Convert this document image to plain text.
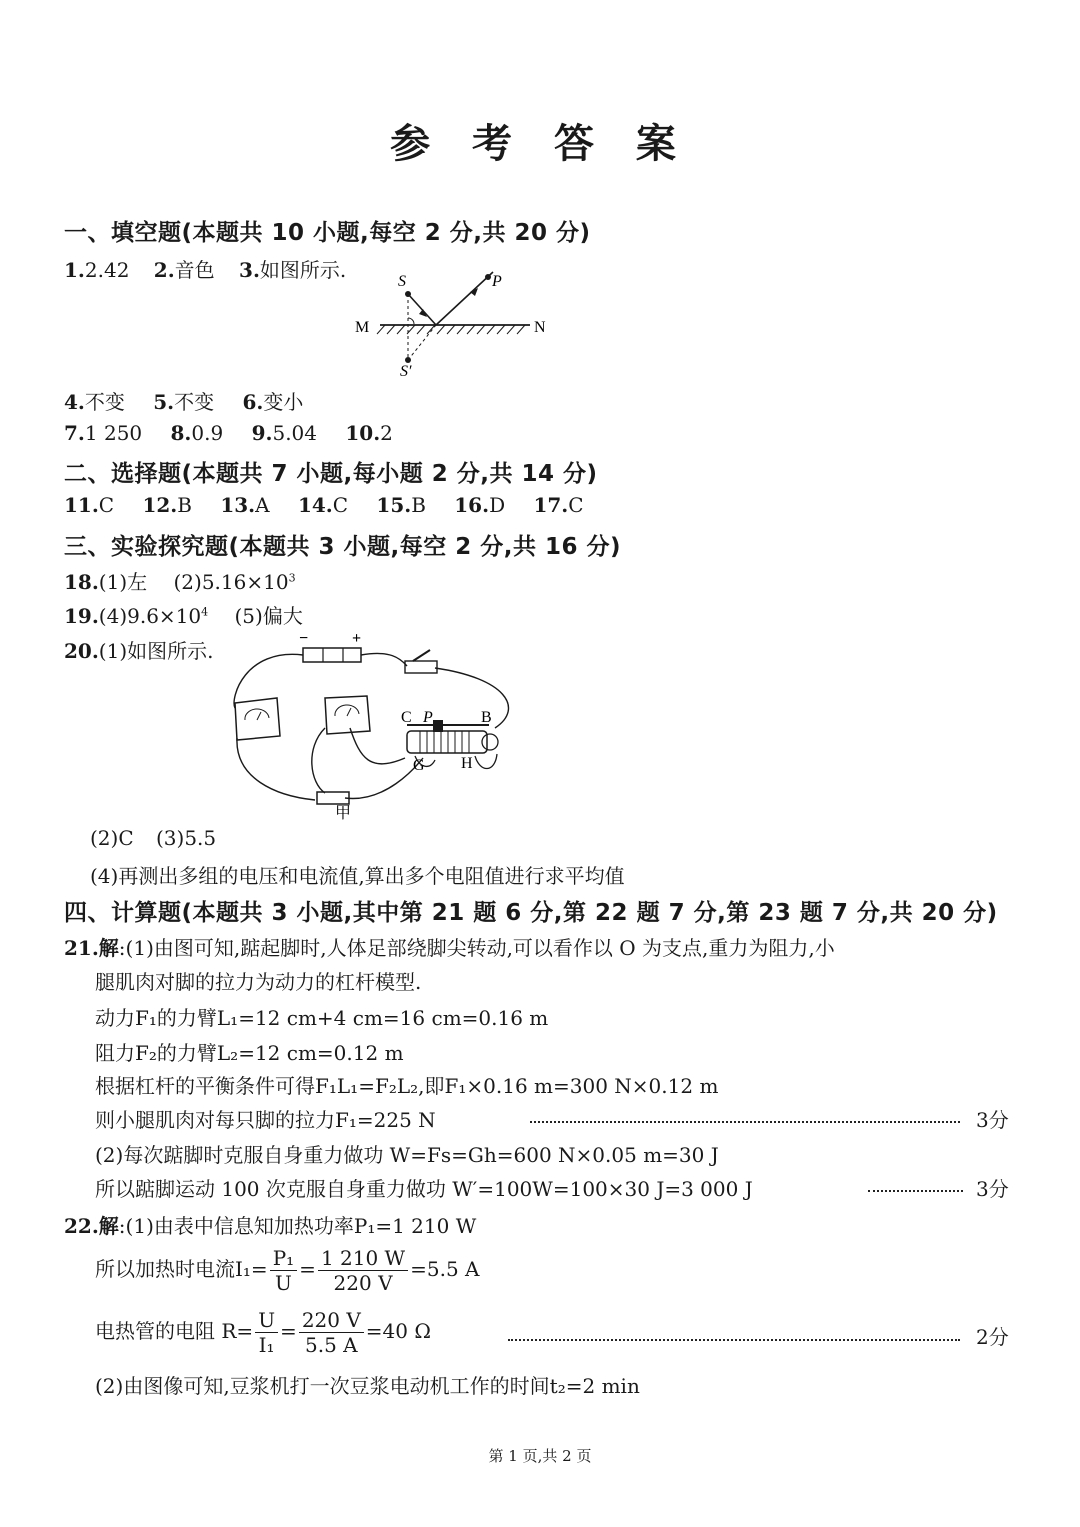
参 考 答 案
一、填空题(本题共 10 小题,每空 2 分,共 20 分)
1.2.42 2.音色 3.如图所示.	S	P
M	N
S′
4.不变 5.不变 6.变小
7.1 250 8.0.9 9.5.04 10.2
二、选择题(本题共 7 小题,每小题 2 分,共 14 分)
11.C 12.B 13.A 14.C 15.B 16.D 17.C
三、实验探究题(本题共 3 小题,每空 2 分,共 16 分)
18.(1)左 $(2)5.16\times 10^3$
$19.(4)9.6\times 10^4$ (5)偏大
20.(1)如图所示.
−	+
C P	B
G H
甲
(2)C (3)5.5
(4)再测出多组的电压和电流值,算出多个电阻值进行求平均值
四、计算题(本题共 3 小题,其中第 21 题 6 分,第 22 题 7 分,第 23 题 7 分,共 20 分)
21.解:(1)由图可知,踮起脚时,人体足部绕脚尖转动,可以看作以 O 为支点,重力为阻力,小
腿肌肉对脚的拉力为动力的杠杆模型.
动力F₁的力臂L₁=12 cm+4 cm=16 cm=0.16 m
阻力F₂的力臂L₂=12 cm=0.12 m
根据杠杆的平衡条件可得F₁L₁=F₂L₂,即F₁×0.16 m=300 N×0.12 m
则小腿肌肉对每只脚的拉力F₁=225 N	3分
(2)每次踮脚时克服自身重力做功 W=Fs=Gh=600 N×0.05 m=30 J
所以踮脚运动 100 次克服自身重力做功 W′=100W=100×30 J=3 000 J	3分
22.解:(1)由表中信息知加热功率P₁=1 210 W
所以加热时电流$I_1= \frac{\text{P₁}}{U} = \frac{1 210 W}{220 V} =5.5$ A
电热管的电阻 $R= \frac{U}{\text{I₁}} = \frac{220 V}{5.5 A} =40$ Ω	2分
(2)由图像可知,豆浆机打一次豆浆电动机工作的时间t₂=2 min
第 1 页,共 2 页
